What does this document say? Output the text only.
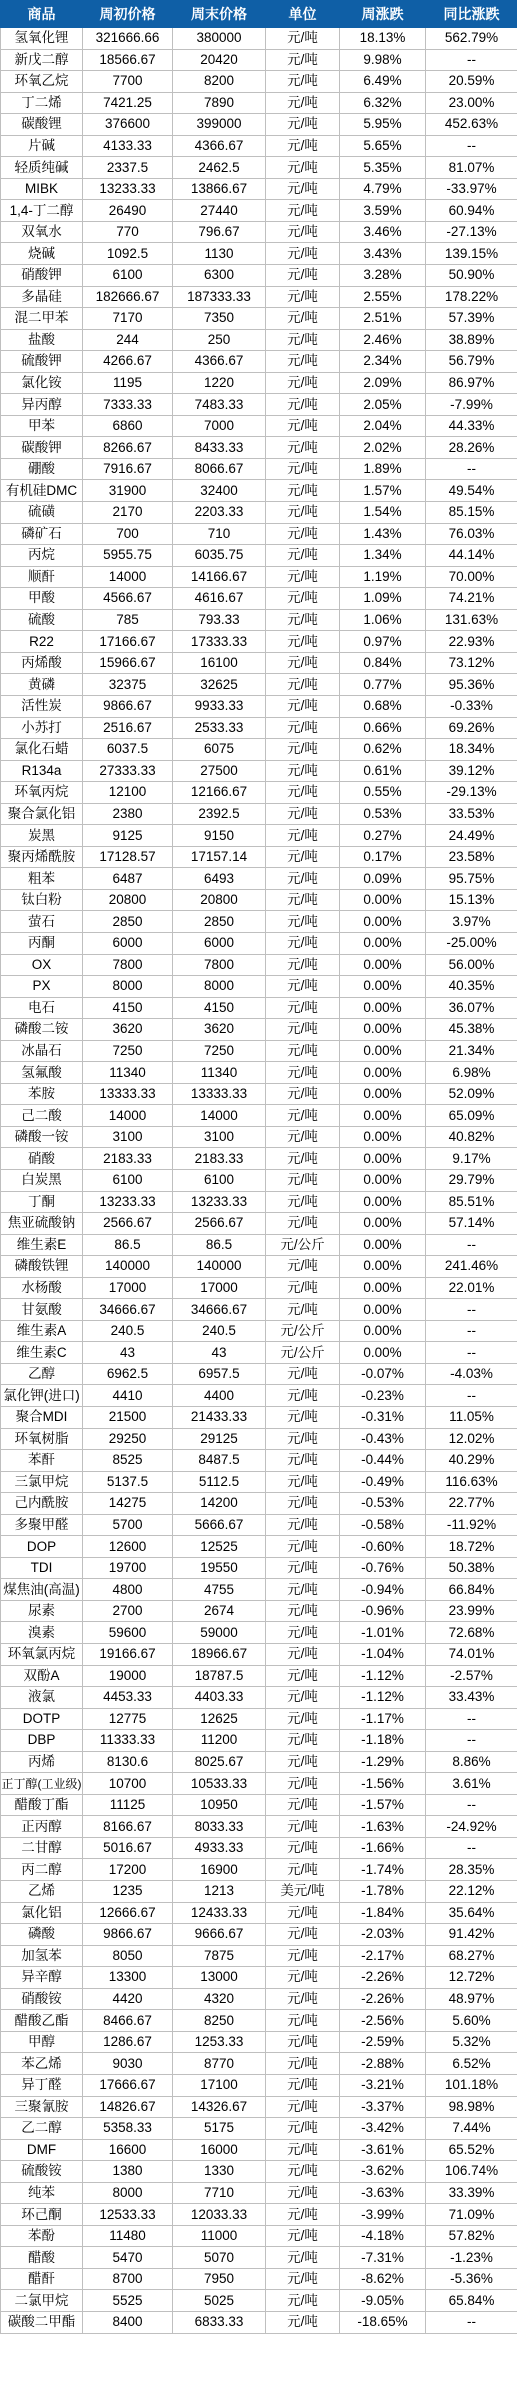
商品	周初价格	周末价格	单位	周涨跌	同比涨跌
氢氧化锂	321666.66	380000	元/吨	18.13%	562.79%
新戊二醇	18566.67	20420	元/吨	9.98%	--
环氧乙烷	7700	8200	元/吨	6.49%	20.59%
丁二烯	7421.25	7890	元/吨	6.32%	23.00%
碳酸锂	376600	399000	元/吨	5.95%	452.63%
片碱	4133.33	4366.67	元/吨	5.65%	--
轻质纯碱	2337.5	2462.5	元/吨	5.35%	81.07%
MIBK	13233.33	13866.67	元/吨	4.79%	-33.97%
1,4-丁二醇	26490	27440	元/吨	3.59%	60.94%
双氧水	770	796.67	元/吨	3.46%	-27.13%
烧碱	1092.5	1130	元/吨	3.43%	139.15%
硝酸钾	6100	6300	元/吨	3.28%	50.90%
多晶硅	182666.67	187333.33	元/吨	2.55%	178.22%
混二甲苯	7170	7350	元/吨	2.51%	57.39%
盐酸	244	250	元/吨	2.46%	38.89%
硫酸钾	4266.67	4366.67	元/吨	2.34%	56.79%
氯化铵	1195	1220	元/吨	2.09%	86.97%
异丙醇	7333.33	7483.33	元/吨	2.05%	-7.99%
甲苯	6860	7000	元/吨	2.04%	44.33%
碳酸钾	8266.67	8433.33	元/吨	2.02%	28.26%
硼酸	7916.67	8066.67	元/吨	1.89%	--
有机硅DMC	31900	32400	元/吨	1.57%	49.54%
硫磺	2170	2203.33	元/吨	1.54%	85.15%
磷矿石	700	710	元/吨	1.43%	76.03%
丙烷	5955.75	6035.75	元/吨	1.34%	44.14%
顺酐	14000	14166.67	元/吨	1.19%	70.00%
甲酸	4566.67	4616.67	元/吨	1.09%	74.21%
硫酸	785	793.33	元/吨	1.06%	131.63%
R22	17166.67	17333.33	元/吨	0.97%	22.93%
丙烯酸	15966.67	16100	元/吨	0.84%	73.12%
黄磷	32375	32625	元/吨	0.77%	95.36%
活性炭	9866.67	9933.33	元/吨	0.68%	-0.33%
小苏打	2516.67	2533.33	元/吨	0.66%	69.26%
氯化石蜡	6037.5	6075	元/吨	0.62%	18.34%
R134a	27333.33	27500	元/吨	0.61%	39.12%
环氧丙烷	12100	12166.67	元/吨	0.55%	-29.13%
聚合氯化铝	2380	2392.5	元/吨	0.53%	33.53%
炭黑	9125	9150	元/吨	0.27%	24.49%
聚丙烯酰胺	17128.57	17157.14	元/吨	0.17%	23.58%
粗苯	6487	6493	元/吨	0.09%	95.75%
钛白粉	20800	20800	元/吨	0.00%	15.13%
萤石	2850	2850	元/吨	0.00%	3.97%
丙酮	6000	6000	元/吨	0.00%	-25.00%
OX	7800	7800	元/吨	0.00%	56.00%
PX	8000	8000	元/吨	0.00%	40.35%
电石	4150	4150	元/吨	0.00%	36.07%
磷酸二铵	3620	3620	元/吨	0.00%	45.38%
冰晶石	7250	7250	元/吨	0.00%	21.34%
氢氟酸	11340	11340	元/吨	0.00%	6.98%
苯胺	13333.33	13333.33	元/吨	0.00%	52.09%
己二酸	14000	14000	元/吨	0.00%	65.09%
磷酸一铵	3100	3100	元/吨	0.00%	40.82%
硝酸	2183.33	2183.33	元/吨	0.00%	9.17%
白炭黑	6100	6100	元/吨	0.00%	29.79%
丁酮	13233.33	13233.33	元/吨	0.00%	85.51%
焦亚硫酸钠	2566.67	2566.67	元/吨	0.00%	57.14%
维生素E	86.5	86.5	元/公斤	0.00%	--
磷酸铁锂	140000	140000	元/吨	0.00%	241.46%
水杨酸	17000	17000	元/吨	0.00%	22.01%
甘氨酸	34666.67	34666.67	元/吨	0.00%	--
维生素A	240.5	240.5	元/公斤	0.00%	--
维生素C	43	43	元/公斤	0.00%	--
乙醇	6962.5	6957.5	元/吨	-0.07%	-4.03%
氯化钾(进口)	4410	4400	元/吨	-0.23%	--
聚合MDI	21500	21433.33	元/吨	-0.31%	11.05%
环氧树脂	29250	29125	元/吨	-0.43%	12.02%
苯酐	8525	8487.5	元/吨	-0.44%	40.29%
三氯甲烷	5137.5	5112.5	元/吨	-0.49%	116.63%
己内酰胺	14275	14200	元/吨	-0.53%	22.77%
多聚甲醛	5700	5666.67	元/吨	-0.58%	-11.92%
DOP	12600	12525	元/吨	-0.60%	18.72%
TDI	19700	19550	元/吨	-0.76%	50.38%
煤焦油(高温)	4800	4755	元/吨	-0.94%	66.84%
尿素	2700	2674	元/吨	-0.96%	23.99%
溴素	59600	59000	元/吨	-1.01%	72.68%
环氧氯丙烷	19166.67	18966.67	元/吨	-1.04%	74.01%
双酚A	19000	18787.5	元/吨	-1.12%	-2.57%
液氯	4453.33	4403.33	元/吨	-1.12%	33.43%
DOTP	12775	12625	元/吨	-1.17%	--
DBP	11333.33	11200	元/吨	-1.18%	--
丙烯	8130.6	8025.67	元/吨	-1.29%	8.86%
正丁醇(工业级)	10700	10533.33	元/吨	-1.56%	3.61%
醋酸丁酯	11125	10950	元/吨	-1.57%	--
正丙醇	8166.67	8033.33	元/吨	-1.63%	-24.92%
二甘醇	5016.67	4933.33	元/吨	-1.66%	--
丙二醇	17200	16900	元/吨	-1.74%	28.35%
乙烯	1235	1213	美元/吨	-1.78%	22.12%
氯化铝	12666.67	12433.33	元/吨	-1.84%	35.64%
磷酸	9866.67	9666.67	元/吨	-2.03%	91.42%
加氢苯	8050	7875	元/吨	-2.17%	68.27%
异辛醇	13300	13000	元/吨	-2.26%	12.72%
硝酸铵	4420	4320	元/吨	-2.26%	48.97%
醋酸乙酯	8466.67	8250	元/吨	-2.56%	5.60%
甲醇	1286.67	1253.33	元/吨	-2.59%	5.32%
苯乙烯	9030	8770	元/吨	-2.88%	6.52%
异丁醛	17666.67	17100	元/吨	-3.21%	101.18%
三聚氰胺	14826.67	14326.67	元/吨	-3.37%	98.98%
乙二醇	5358.33	5175	元/吨	-3.42%	7.44%
DMF	16600	16000	元/吨	-3.61%	65.52%
硫酸铵	1380	1330	元/吨	-3.62%	106.74%
纯苯	8000	7710	元/吨	-3.63%	33.39%
环己酮	12533.33	12033.33	元/吨	-3.99%	71.09%
苯酚	11480	11000	元/吨	-4.18%	57.82%
醋酸	5470	5070	元/吨	-7.31%	-1.23%
醋酐	8700	7950	元/吨	-8.62%	-5.36%
二氯甲烷	5525	5025	元/吨	-9.05%	65.84%
碳酸二甲酯	8400	6833.33	元/吨	-18.65%	--
